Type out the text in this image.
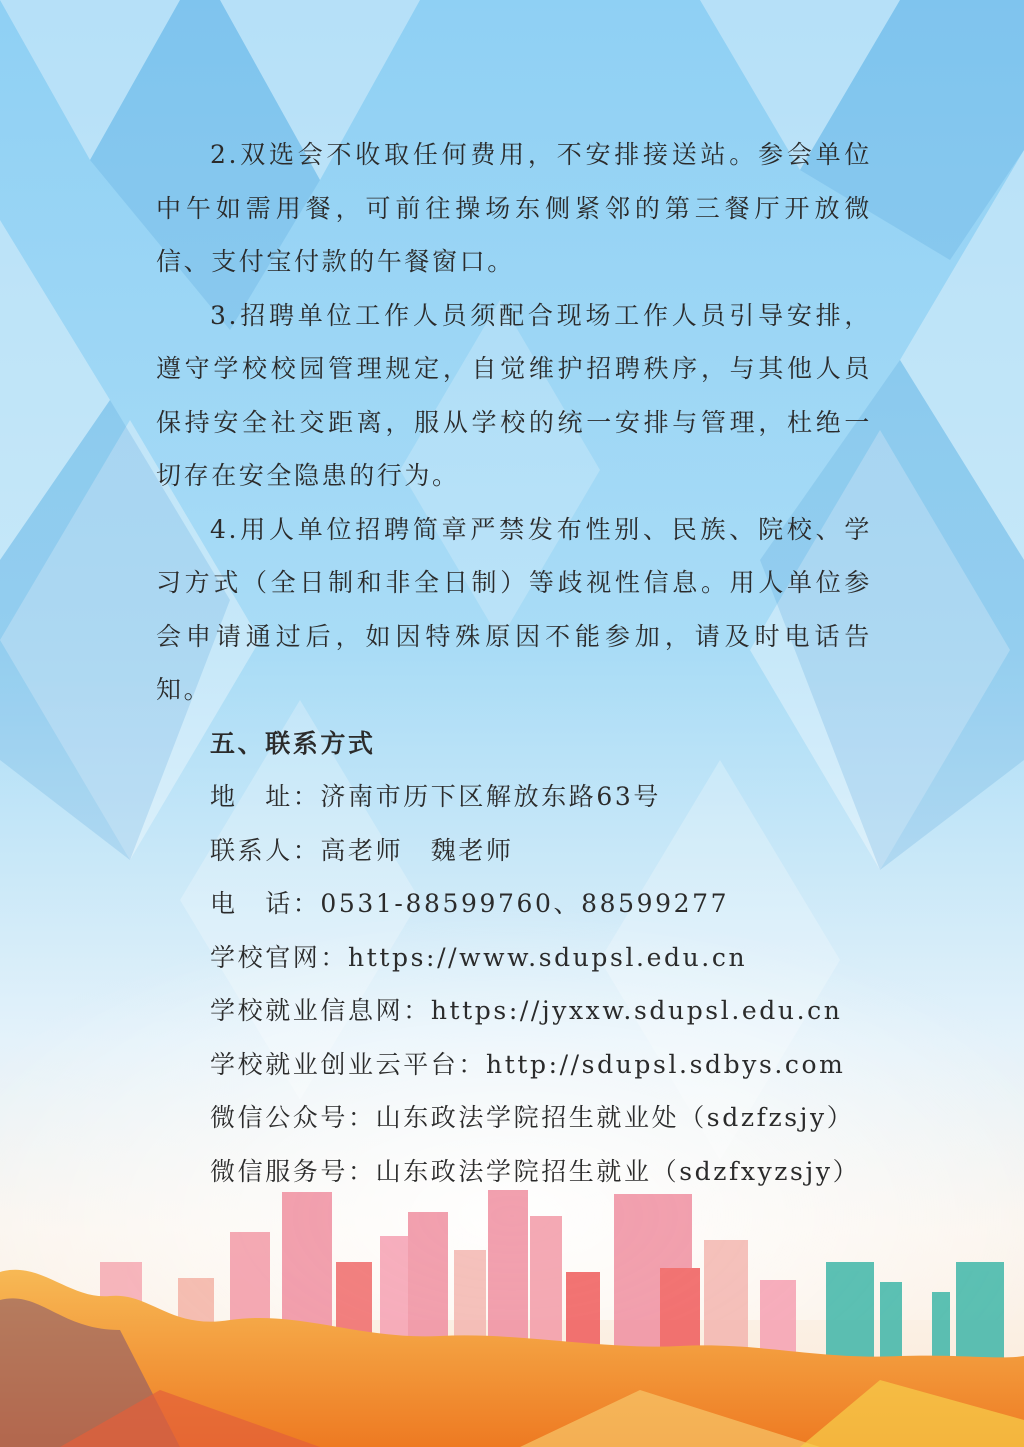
2.双选会不收取任何费用，不安排接送站。参会单位中午如需用餐，可前往操场东侧紧邻的第三餐厅开放微信、支付宝付款的午餐窗口。

3.招聘单位工作人员须配合现场工作人员引导安排，遵守学校校园管理规定，自觉维护招聘秩序，与其他人员保持安全社交距离，服从学校的统一安排与管理，杜绝一切存在安全隐患的行为。

4.用人单位招聘简章严禁发布性别、民族、院校、学习方式（全日制和非全日制）等歧视性信息。用人单位参会申请通过后，如因特殊原因不能参加，请及时电话告知。

五、联系方式

地　址：济南市历下区解放东路63号

联系人：高老师　魏老师

电　话：0531-88599760、88599277

学校官网：https://www.sdupsl.edu.cn

学校就业信息网：https://jyxxw.sdupsl.edu.cn

学校就业创业云平台：http://sdupsl.sdbys.com

微信公众号：山东政法学院招生就业处（sdzfzsjy）

微信服务号：山东政法学院招生就业（sdzfxyzsjy）
